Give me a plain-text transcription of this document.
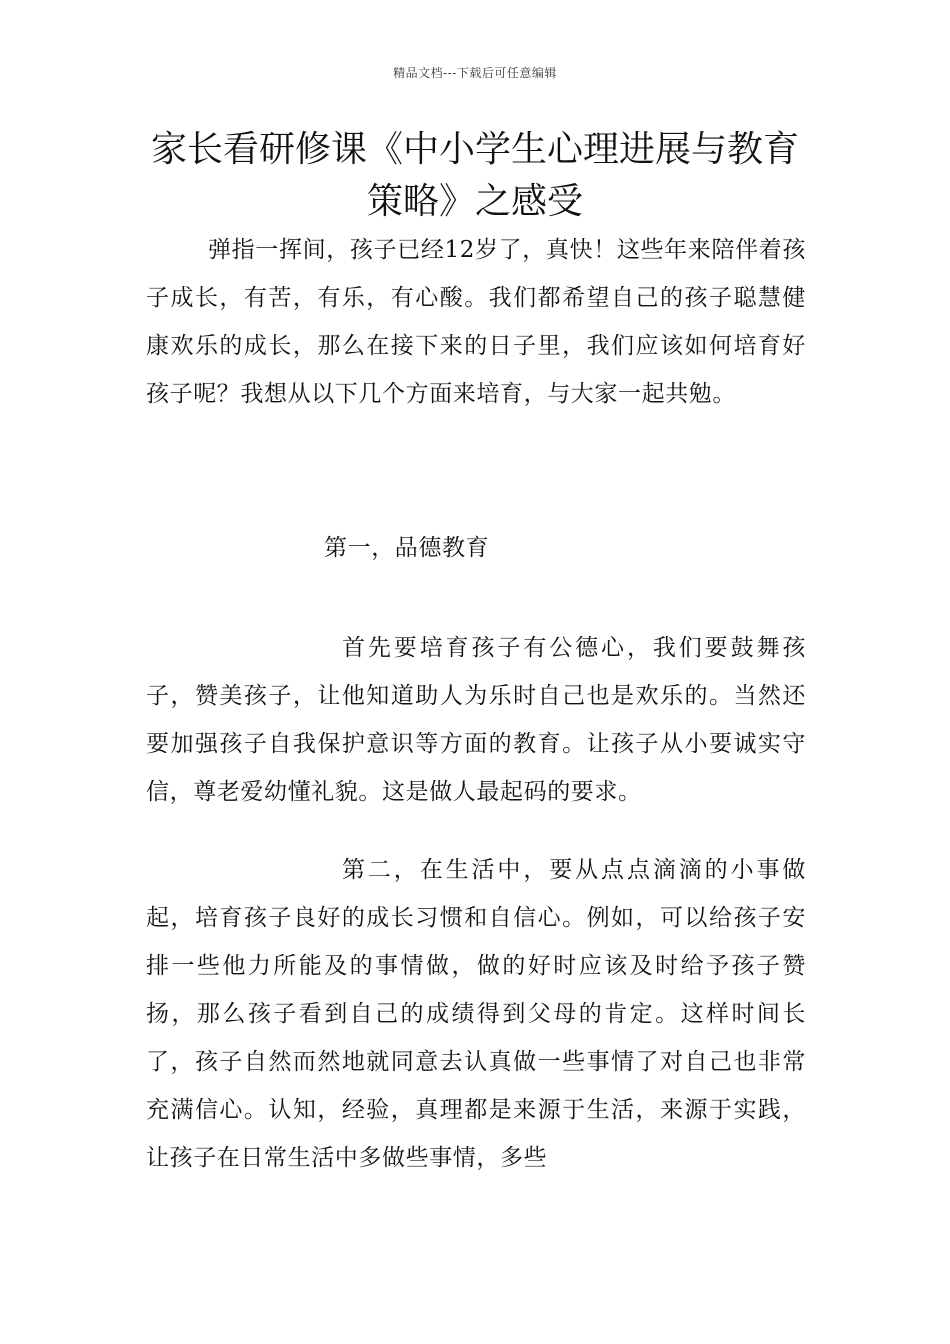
精品文档---下载后可任意编辑
家长看研修课《中小学生心理进展与教育策略》之感受

弹指一挥间，孩子已经12岁了，真快！这些年来陪伴着孩子成长，有苦，有乐，有心酸。我们都希望自己的孩子聪慧健康欢乐的成长，那么在接下来的日子里，我们应该如何培育好孩子呢？我想从以下几个方面来培育，与大家一起共勉。

第一，品德教育

首先要培育孩子有公德心，我们要鼓舞孩子，赞美孩子，让他知道助人为乐时自己也是欢乐的。当然还要加强孩子自我保护意识等方面的教育。让孩子从小要诚实守信，尊老爱幼懂礼貌。这是做人最起码的要求。

第二，在生活中，要从点点滴滴的小事做起，培育孩子良好的成长习惯和自信心。例如，可以给孩子安排一些他力所能及的事情做，做的好时应该及时给予孩子赞扬，那么孩子看到自己的成绩得到父母的肯定。这样时间长了，孩子自然而然地就同意去认真做一些事情了对自己也非常充满信心。认知，经验，真理都是来源于生活，来源于实践，让孩子在日常生活中多做些事情，多些
